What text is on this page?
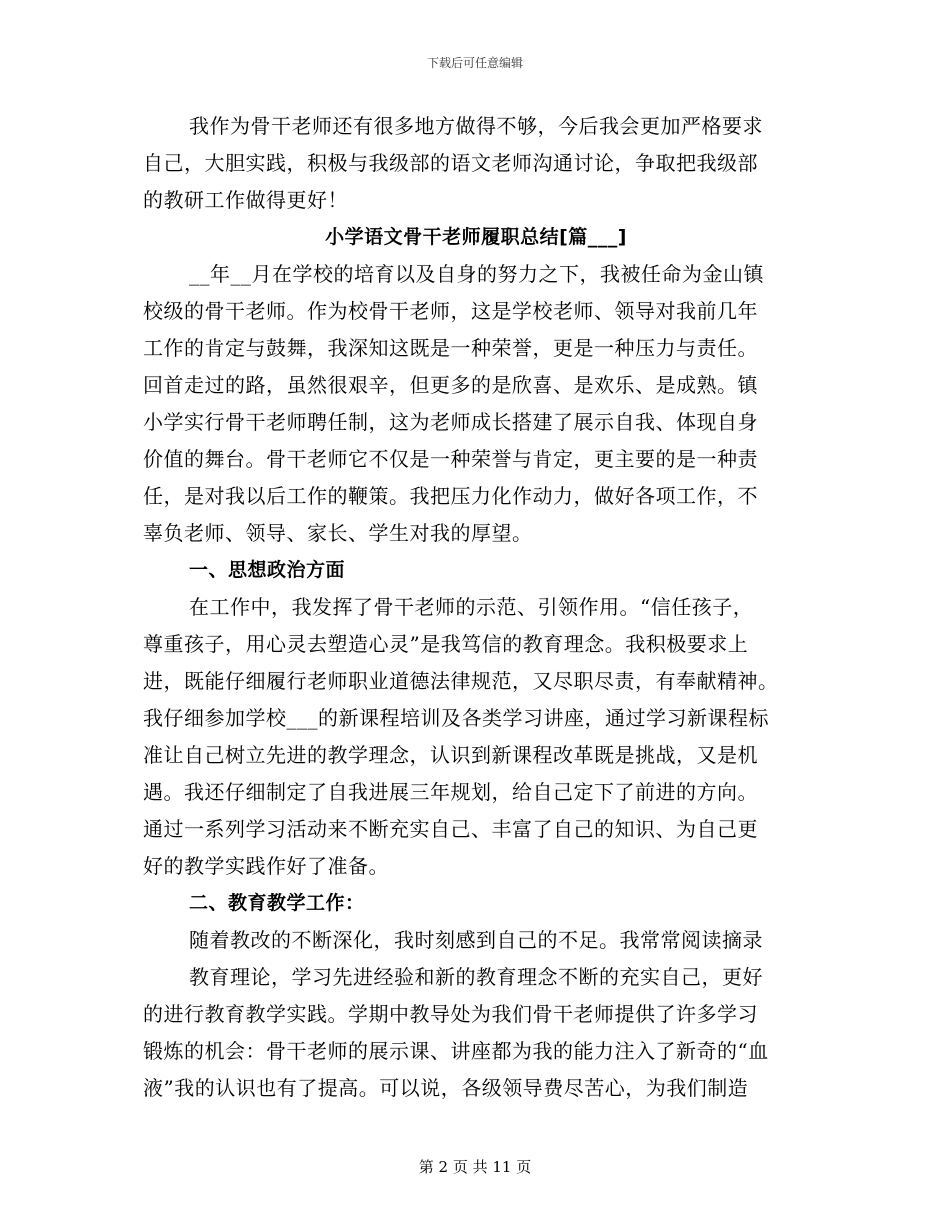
下载后可任意编辑
我作为骨干老师还有很多地方做得不够，今后我会更加严格要求
自己，大胆实践，积极与我级部的语文老师沟通讨论，争取把我级部
的教研工作做得更好！
小学语文骨干老师履职总结[篇___]
__年__月在学校的培育以及自身的努力之下，我被任命为金山镇
校级的骨干老师。作为校骨干老师，这是学校老师、领导对我前几年
工作的肯定与鼓舞，我深知这既是一种荣誉，更是一种压力与责任。
回首走过的路，虽然很艰辛，但更多的是欣喜、是欢乐、是成熟。镇
小学实行骨干老师聘任制，这为老师成长搭建了展示自我、体现自身
价值的舞台。骨干老师它不仅是一种荣誉与肯定，更主要的是一种责
任，是对我以后工作的鞭策。我把压力化作动力，做好各项工作，不
辜负老师、领导、家长、学生对我的厚望。
一、思想政治方面
在工作中，我发挥了骨干老师的示范、引领作用。“信任孩子，
尊重孩子，用心灵去塑造心灵”是我笃信的教育理念。我积极要求上
进，既能仔细履行老师职业道德法律规范，又尽职尽责，有奉献精神。
我仔细参加学校___的新课程培训及各类学习讲座，通过学习新课程标
准让自己树立先进的教学理念，认识到新课程改革既是挑战，又是机
遇。我还仔细制定了自我进展三年规划，给自己定下了前进的方向。
通过一系列学习活动来不断充实自己、丰富了自己的知识、为自己更
好的教学实践作好了准备。
二、教育教学工作：
随着教改的不断深化，我时刻感到自己的不足。我常常阅读摘录
教育理论，学习先进经验和新的教育理念不断的充实自己，更好
的进行教育教学实践。学期中教导处为我们骨干老师提供了许多学习
锻炼的机会：骨干老师的展示课、讲座都为我的能力注入了新奇的“血
液”我的认识也有了提高。可以说，各级领导费尽苦心，为我们制造
第 2 页 共 11 页
